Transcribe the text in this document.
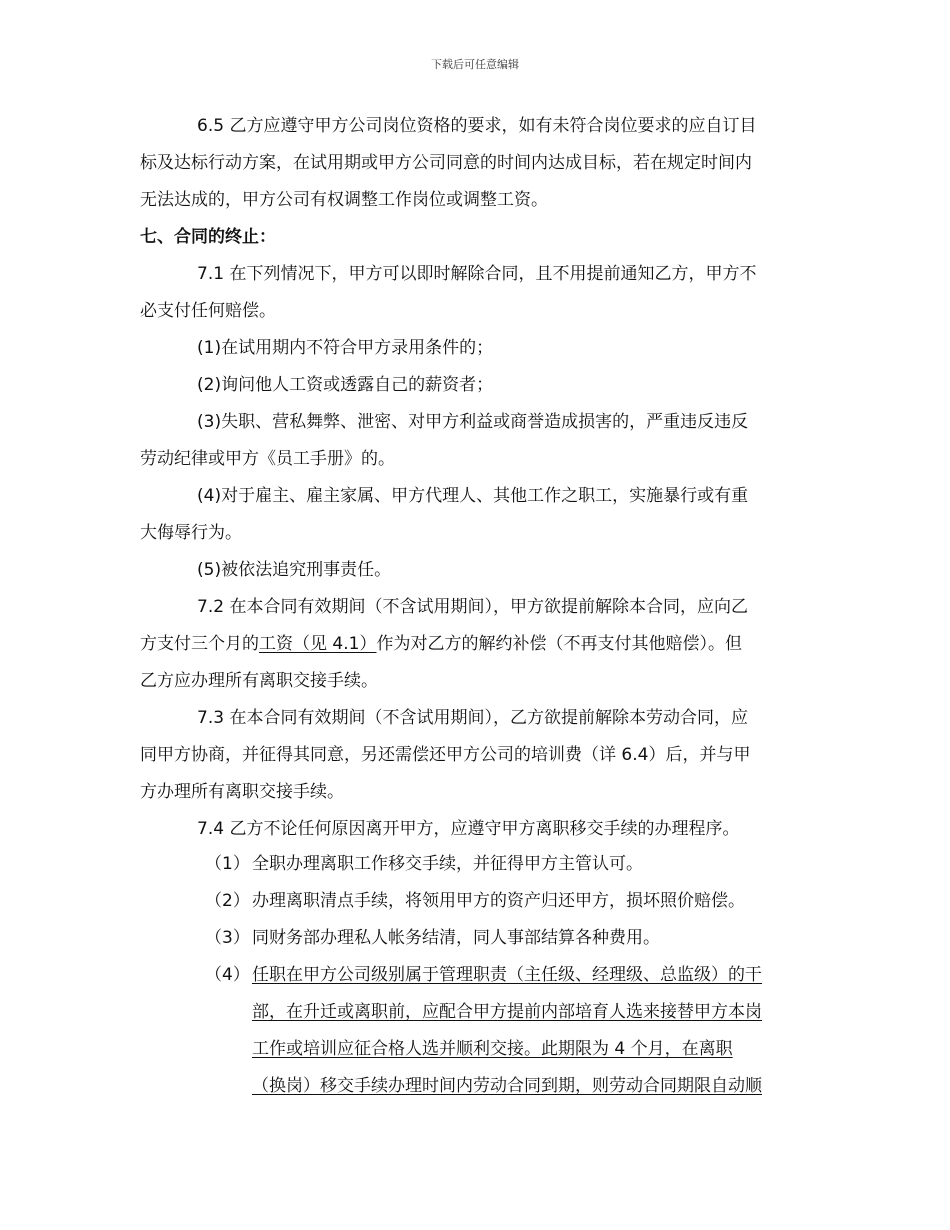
下载后可任意编辑
6.5 乙方应遵守甲方公司岗位资格的要求，如有未符合岗位要求的应自订目
标及达标行动方案，在试用期或甲方公司同意的时间内达成目标，若在规定时间内
无法达成的，甲方公司有权调整工作岗位或调整工资。
七、合同的终止：
7.1 在下列情况下，甲方可以即时解除合同，且不用提前通知乙方，甲方不
必支付任何赔偿。
(1)在试用期内不符合甲方录用条件的；
(2)询问他人工资或透露自己的薪资者；
(3)失职、营私舞弊、泄密、对甲方利益或商誉造成损害的，严重违反违反
劳动纪律或甲方《员工手册》的。
(4)对于雇主、雇主家属、甲方代理人、其他工作之职工，实施暴行或有重
大侮辱行为。
(5)被依法追究刑事责任。
7.2 在本合同有效期间（不含试用期间），甲方欲提前解除本合同，应向乙
方支付三个月的工资（见 4.1）作为对乙方的解约补偿（不再支付其他赔偿）。但
乙方应办理所有离职交接手续。
7.3 在本合同有效期间（不含试用期间），乙方欲提前解除本劳动合同，应
同甲方协商，并征得其同意，另还需偿还甲方公司的培训费（详 6.4）后，并与甲
方办理所有离职交接手续。
7.4 乙方不论任何原因离开甲方，应遵守甲方离职移交手续的办理程序。
（1） 全职办理离职工作移交手续，并征得甲方主管认可。
（2） 办理离职清点手续，将领用甲方的资产归还甲方，损坏照价赔偿。
（3） 同财务部办理私人帐务结清，同人事部结算各种费用。
（4） 任职在甲方公司级别属于管理职责（主任级、经理级、总监级）的干
部，在升迁或离职前，应配合甲方提前内部培育人选来接替甲方本岗
工作或培训应征合格人选并顺利交接。此期限为 4 个月，在离职
（换岗）移交手续办理时间内劳动合同到期，则劳动合同期限自动顺
